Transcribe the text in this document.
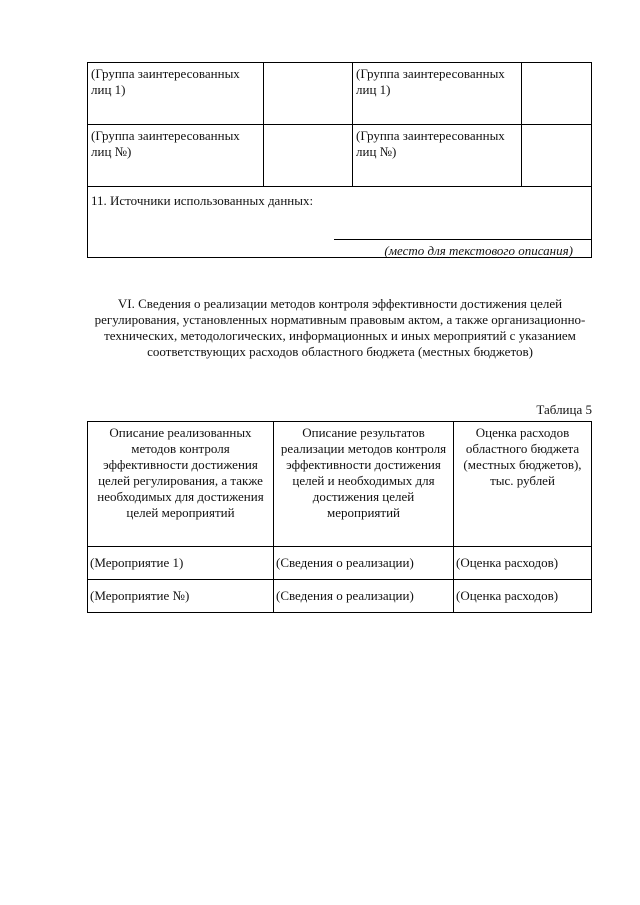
(Группа заинтересованных лиц 1)		(Группа заинтересованных лиц 1)	
(Группа заинтересованных лиц №)		(Группа заинтересованных лиц №)	

11. Источники использованных данных:
(место для текстового описания)			
VI. Сведения о реализации методов контроля эффективности достижения целей регулирования, установленных нормативным правовым актом, а также организационно-технических, методологических, информационных и иных мероприятий с указанием соответствующих расходов областного бюджета (местных бюджетов)
Таблица 5
Описание реализованных методов контроля эффективности достижения целей регулирования, а также необходимых для достижения целей мероприятий	Описание результатов реализации методов контроля эффективности достижения целей и необходимых для достижения целей мероприятий	Оценка расходов областного бюджета (местных бюджетов), тыс. рублей
(Мероприятие 1)	(Сведения о реализации)	(Оценка расходов)
(Мероприятие №)	(Сведения о реализации)	(Оценка расходов)
